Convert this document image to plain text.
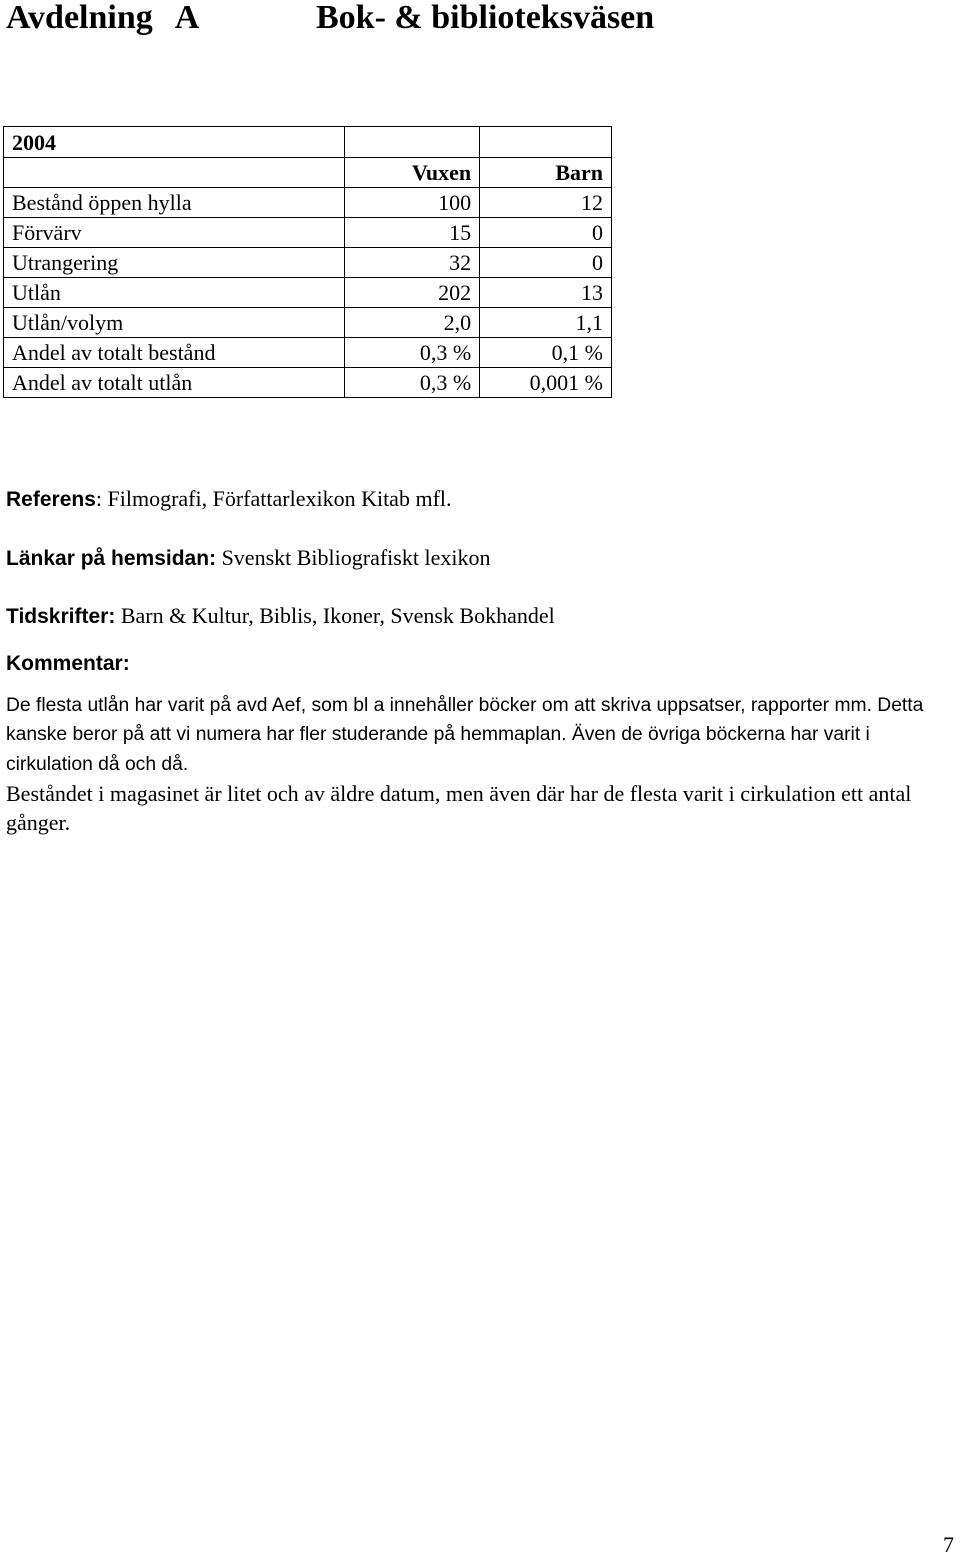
Avdelning A	Bok- & biblioteksväsen
2004		
	Vuxen	Barn
Bestånd öppen hylla	100	12
Förvärv	15	0
Utrangering	32	0
Utlån	202	13
Utlån/volym	2,0	1,1
Andel av totalt bestånd	0,3 %	0,1 %
Andel av totalt utlån	0,3 %	0,001 %
Referens: Filmografi, Författarlexikon Kitab mfl.
Länkar på hemsidan: Svenskt Bibliografiskt lexikon
Tidskrifter: Barn & Kultur, Biblis, Ikoner, Svensk Bokhandel
Kommentar:

De flesta utlån har varit på avd Aef, som bl a innehåller böcker om att skriva uppsatser, rapporter mm. Detta kanske beror på att vi numera har fler studerande på hemmaplan. Även de övriga böckerna har varit i cirkulation då och då.
Beståndet i magasinet är litet och av äldre datum, men även där har de flesta varit i cirkulation ett antal gånger.

7
